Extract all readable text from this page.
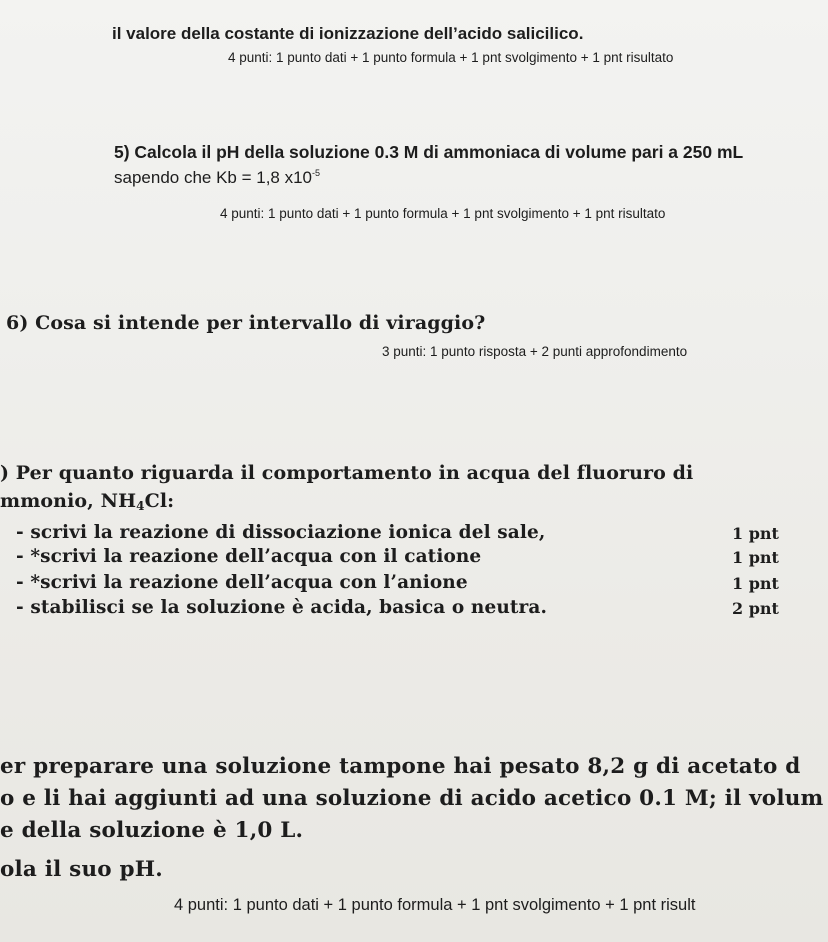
⠀
il valore della costante di ionizzazione dell’acido salicilico.
4 punti: 1 punto dati + 1 punto formula + 1 pnt svolgimento + 1 pnt risultato
5) Calcola il pH della soluzione 0.3 M di ammoniaca di volume pari a 250 mL
sapendo che Kb = 1,8 $x10^{-5}$
4 punti: 1 punto dati + 1 punto formula + 1 pnt svolgimento + 1 pnt risultato
6) Cosa si intende per intervallo di viraggio?
3 punti: 1 punto risposta + 2 punti approfondimento
) Per quanto riguarda il comportamento in acqua del fluoruro di
mmonio, $NH_4Cl$:
- scrivi la reazione di dissociazione ionica del sale,	1 pnt
- *scrivi la reazione dell’acqua con il catione	1 pnt
- *scrivi la reazione dell’acqua con l’anione	1 pnt
- stabilisci se la soluzione è acida, basica o neutra.	2 pnt
er preparare una soluzione tampone hai pesato 8,2 g di acetato d
o e li hai aggiunti ad una soluzione di acido acetico 0.1 M; il volum
e della soluzione è 1,0 L.
ola il suo pH.
4 punti: 1 punto dati + 1 punto formula + 1 pnt svolgimento + 1 pnt risult
